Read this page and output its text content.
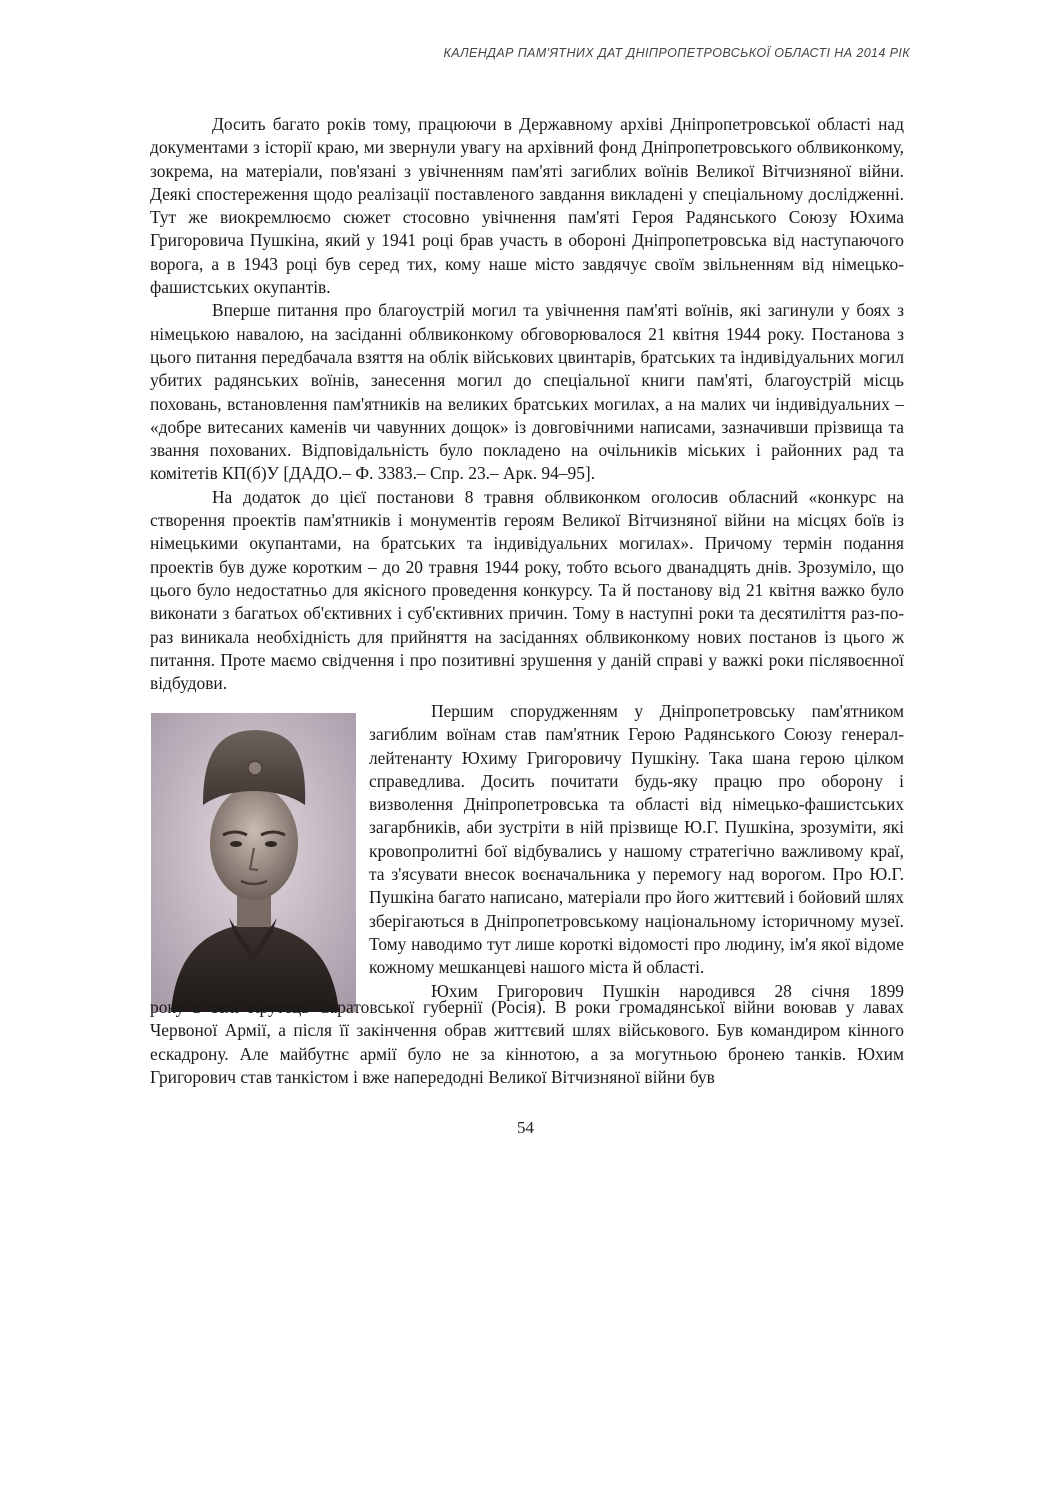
КАЛЕНДАР ПАМ'ЯТНИХ ДАТ ДНІПРОПЕТРОВСЬКОЇ ОБЛАСТІ НА 2014 РІК

Досить багато років тому, працюючи в Державному архіві Дніпропетровської області над документами з історії краю, ми звернули увагу на архівний фонд Дніпропетровського облвиконкому, зокрема, на матеріали, пов'язані з увічненням пам'яті загиблих воїнів Великої Вітчизняної війни. Деякі спостереження щодо реалізації поставленого завдання викладені у спеціальному дослідженні. Тут же виокремлюємо сюжет стосовно увічнення пам'яті Героя Радянського Союзу Юхима Григоровича Пушкіна, який у 1941 році брав участь в обороні Дніпропетровська від наступаючого ворога, а в 1943 році був серед тих, кому наше місто завдячує своїм звільненням від німецько-фашистських окупантів.

Вперше питання про благоустрій могил та увічнення пам'яті воїнів, які загинули у боях з німецькою навалою, на засіданні облвиконкому обговорювалося 21 квітня 1944 року. Постанова з цього питання передбачала взяття на облік військових цвинтарів, братських та індивідуальних могил убитих радянських воїнів, занесення могил до спеціальної книги пам'яті, благоустрій місць поховань, встановлення пам'ятників на великих братських могилах, а на малих чи індивідуальних – «добре витесаних каменів чи чавунних дощок» із довговічними написами, зазначивши прізвища та звання похованих. Відповідальність було покладено на очільників міських і районних рад та комітетів КП(б)У [ДАДО.– Ф. 3383.– Спр. 23.– Арк. 94–95].

На додаток до цієї постанови 8 травня облвиконком оголосив обласний «конкурс на створення проектів пам'ятників і монументів героям Великої Вітчизняної війни на місцях боїв із німецькими окупантами, на братських та індивідуальних могилах». Причому термін подання проектів був дуже коротким – до 20 травня 1944 року, тобто всього дванадцять днів. Зрозуміло, що цього було недостатньо для якісного проведення конкурсу. Та й постанову від 21 квітня важко було виконати з багатьох об'єктивних і суб'єктивних причин. Тому в наступні роки та десятиліття раз-по-раз виникала необхідність для прийняття на засіданнях облвиконкому нових постанов із цього ж питання. Проте маємо свідчення і про позитивні зрушення у даній справі у важкі роки післявоєнної відбудови.

Першим спорудженням у Дніпропетровську пам'ятником загиблим воїнам став пам'ятник Герою Радянського Союзу генерал-лейтенанту Юхиму Григоровичу Пушкіну. Така шана герою цілком справедлива. Досить почитати будь-яку працю про оборону і визволення Дніпропетровська та області від німецько-фашистських загарбників, аби зустріти в ній прізвище Ю.Г. Пушкіна, зрозуміти, які кровопролитні бої відбувались у нашому стратегічно важливому краї, та з'ясувати внесок воєначальника у перемогу над ворогом. Про Ю.Г. Пушкіна багато написано, матеріали про його життєвий і бойовий шлях зберігаються в Дніпропетровському національному історичному музеї. Тому наводимо тут лише короткі відомості про людину, ім'я якої відоме кожному мешканцеві нашого міста й області.

Юхим Григорович Пушкін народився 28 січня 1899

року в селі Крутець Саратовської губернії (Росія). В роки громадянської війни воював у лавах Червоної Армії, а після її закінчення обрав життєвий шлях військового. Був командиром кінного ескадрону. Але майбутнє армії було не за кіннотою, а за могутньою бронею танків. Юхим Григорович став танкістом і вже напередодні Великої Вітчизняної війни був

54
